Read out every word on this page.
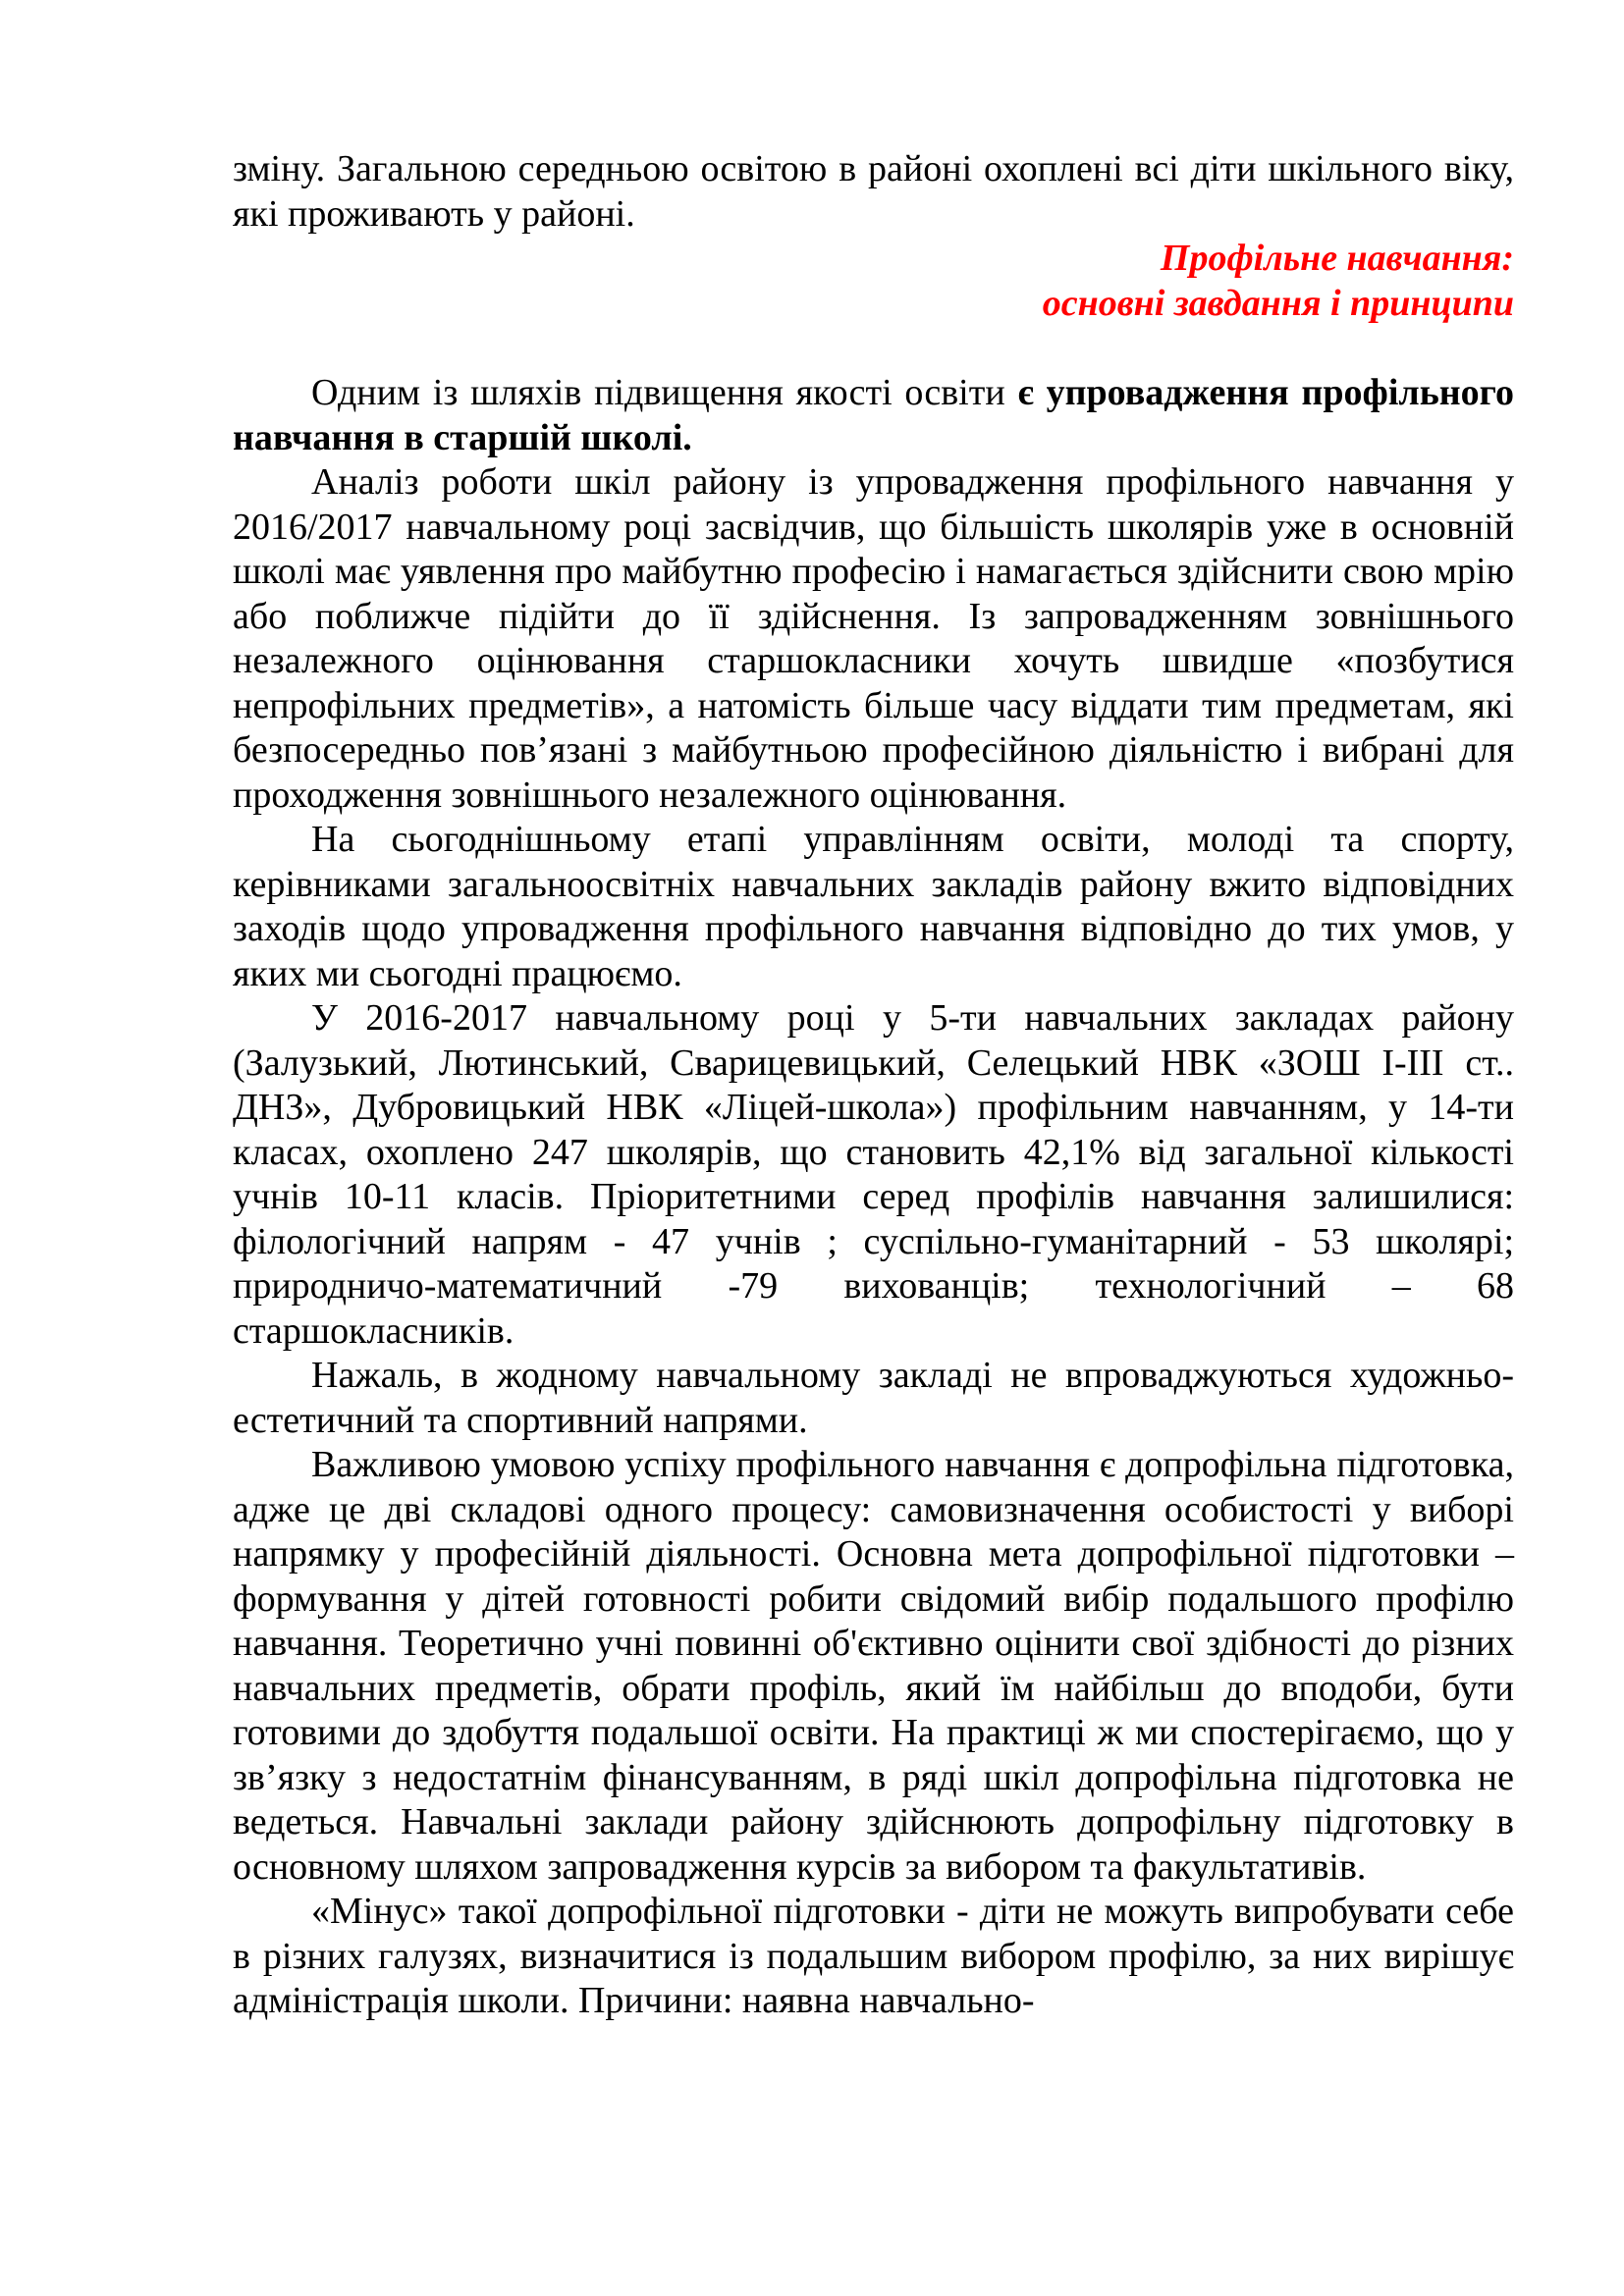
зміну. Загальною середньою освітою в районі охоплені всі діти шкільного віку, які проживають у районі.

Профільне навчання:
основні завдання і принципи

Одним із шляхів підвищення якості освіти є упровадження профільного навчання в старшій школі.

Аналіз роботи шкіл району із упровадження профільного навчання у 2016/2017 навчальному році засвідчив, що більшість школярів уже в основній школі має уявлення про майбутню професію і намагається здійснити свою мрію або поближче підійти до її здійснення. Із запровадженням зовнішнього незалежного оцінювання старшокласники хочуть швидше «позбутися непрофільних предметів», а натомість більше часу віддати тим предметам, які безпосередньо пов’язані з майбутньою професійною діяльністю і вибрані для проходження зовнішнього незалежного оцінювання.

На сьогоднішньому етапі управлінням освіти, молоді та спорту, керівниками загальноосвітніх навчальних закладів району вжито відповідних заходів щодо упровадження профільного навчання відповідно до тих умов, у яких ми сьогодні працюємо.

У 2016-2017 навчальному році у 5-ти навчальних закладах району (Залузький, Лютинський, Сварицевицький, Селецький НВК «ЗОШ І-ІІІ ст.. ДНЗ», Дубровицький НВК «Ліцей-школа») профільним навчанням, у 14-ти класах, охоплено 247 школярів, що становить 42,1% від загальної кількості учнів 10-11 класів. Пріоритетними серед профілів навчання залишилися: філологічний напрям - 47 учнів ; суспільно-гуманітарний - 53 школярі; природничо-математичний -79 вихованців; технологічний – 68 старшокласників.

Нажаль, в жодному навчальному закладі не впроваджуються художньо-естетичний та спортивний напрями.

Важливою умовою успіху профільного навчання є допрофільна підготовка, адже це дві складові одного процесу: самовизначення особистості у виборі напрямку у професійній діяльності. Основна мета допрофільної підготовки – формування у дітей готовності робити свідомий вибір подальшого профілю навчання. Теоретично учні повинні об'єктивно оцінити свої здібності до різних навчальних предметів, обрати профіль, який їм найбільш до вподоби, бути готовими до здобуття подальшої освіти. На практиці ж ми спостерігаємо, що у зв’язку з недостатнім фінансуванням, в ряді шкіл допрофільна підготовка не ведеться. Навчальні заклади району здійснюють допрофільну підготовку в основному шляхом запровадження курсів за вибором та факультативів.

«Мінус» такої допрофільної підготовки - діти не можуть випробувати себе в різних галузях, визначитися із подальшим вибором профілю, за них вирішує адміністрація школи. Причини: наявна навчально-
